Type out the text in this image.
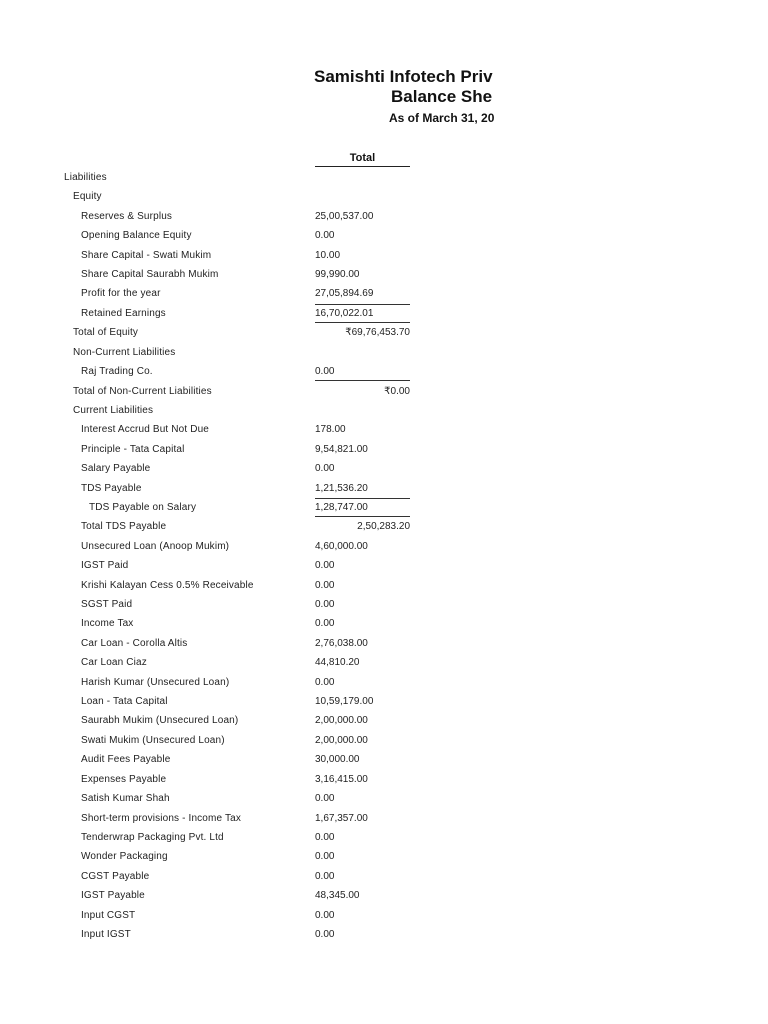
Samishti Infotech Priv
Balance She
As of March 31, 20
Total
Liabilities
Equity
Reserves & Surplus	25,00,537.00
Opening Balance Equity	0.00
Share Capital - Swati Mukim	10.00
Share Capital Saurabh Mukim	99,990.00
Profit for the year	27,05,894.69
Retained Earnings	16,70,022.01
Total of Equity	₹69,76,453.70
Non-Current Liabilities
Raj Trading Co.	0.00
Total of Non-Current Liabilities	₹0.00
Current Liabilities
Interest Accrud But Not Due	178.00
Principle - Tata Capital	9,54,821.00
Salary Payable	0.00
TDS Payable	1,21,536.20
TDS Payable on Salary	1,28,747.00
Total TDS Payable	2,50,283.20
Unsecured Loan (Anoop Mukim)	4,60,000.00
IGST Paid	0.00
Krishi Kalayan Cess 0.5% Receivable	0.00
SGST Paid	0.00
Income Tax	0.00
Car Loan - Corolla Altis	2,76,038.00
Car Loan Ciaz	44,810.20
Harish Kumar (Unsecured Loan)	0.00
Loan - Tata Capital	10,59,179.00
Saurabh Mukim (Unsecured Loan)	2,00,000.00
Swati Mukim (Unsecured Loan)	2,00,000.00
Audit Fees Payable	30,000.00
Expenses Payable	3,16,415.00
Satish Kumar Shah	0.00
Short-term provisions - Income Tax	1,67,357.00
Tenderwrap Packaging Pvt. Ltd	0.00
Wonder Packaging	0.00
CGST Payable	0.00
IGST Payable	48,345.00
Input CGST	0.00
Input IGST	0.00
